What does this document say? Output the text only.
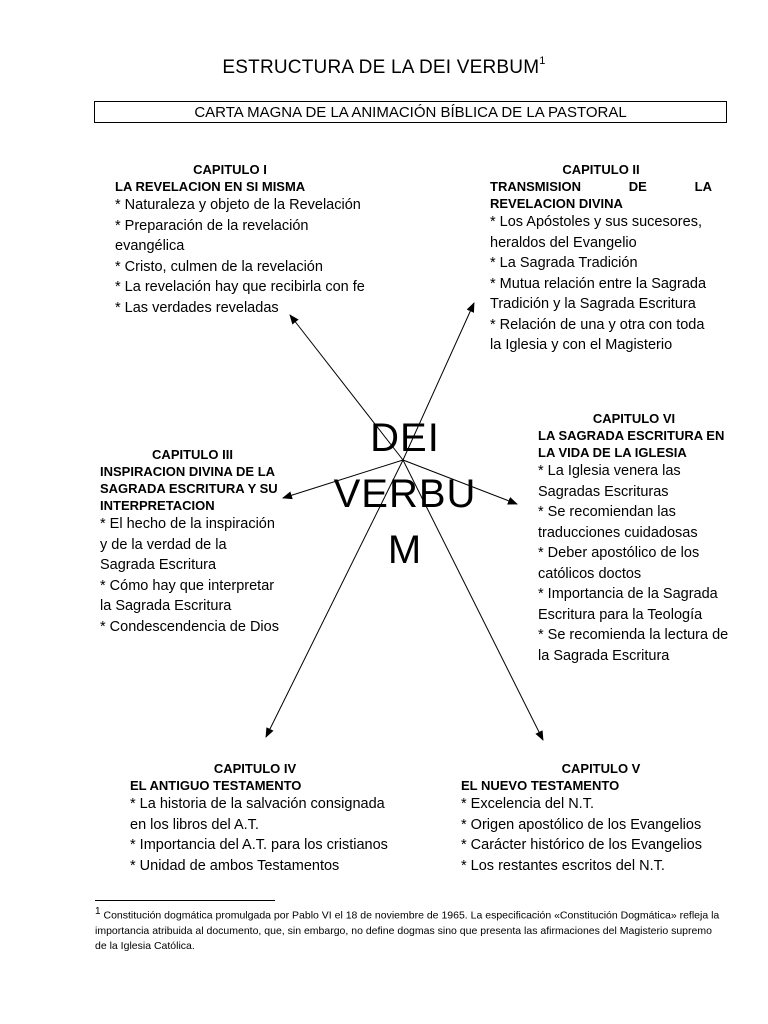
ESTRUCTURA DE LA DEI VERBUM$^1$
CARTA MAGNA DE LA ANIMACIÓN BÍBLICA DE LA PASTORAL
DEI
VERBU
M
CAPITULO I
LA REVELACION EN SI MISMA
* Naturaleza y objeto de la Revelación
* Preparación de la revelación evangélica
* Cristo, culmen de la revelación
* La revelación hay que recibirla con fe
* Las verdades reveladas
CAPITULO II
TRANSMISION	DE	LA
REVELACION DIVINA
* Los Apóstoles y sus sucesores, heraldos del Evangelio
* La Sagrada Tradición
* Mutua relación entre la Sagrada Tradición y la Sagrada Escritura
* Relación de una y otra con toda la Iglesia y con el Magisterio
CAPITULO III
INSPIRACION DIVINA DE LA SAGRADA ESCRITURA Y SU INTERPRETACION
* El hecho de la inspiración y de la verdad de la Sagrada Escritura
* Cómo hay que interpretar la Sagrada Escritura
* Condescendencia de Dios
CAPITULO VI
LA SAGRADA ESCRITURA EN LA VIDA DE LA IGLESIA
* La Iglesia venera las Sagradas Escrituras
* Se recomiendan las traducciones cuidadosas
* Deber apostólico de los católicos doctos
* Importancia de la Sagrada Escritura para la Teología
* Se recomienda la lectura de la Sagrada Escritura
CAPITULO IV
EL ANTIGUO TESTAMENTO
* La historia de la salvación consignada en los libros del A.T.
* Importancia del A.T. para los cristianos
* Unidad de ambos Testamentos
CAPITULO V
EL NUEVO TESTAMENTO
* Excelencia del N.T.
* Origen apostólico de los Evangelios
* Carácter histórico de los Evangelios
* Los restantes escritos del N.T.
$^1$ Constitución dogmática promulgada por Pablo VI el 18 de noviembre de 1965. La especificación «Constitución Dogmática» refleja la importancia atribuida al documento, que, sin embargo, no define dogmas sino que presenta las afirmaciones del Magisterio supremo de la Iglesia Católica.
